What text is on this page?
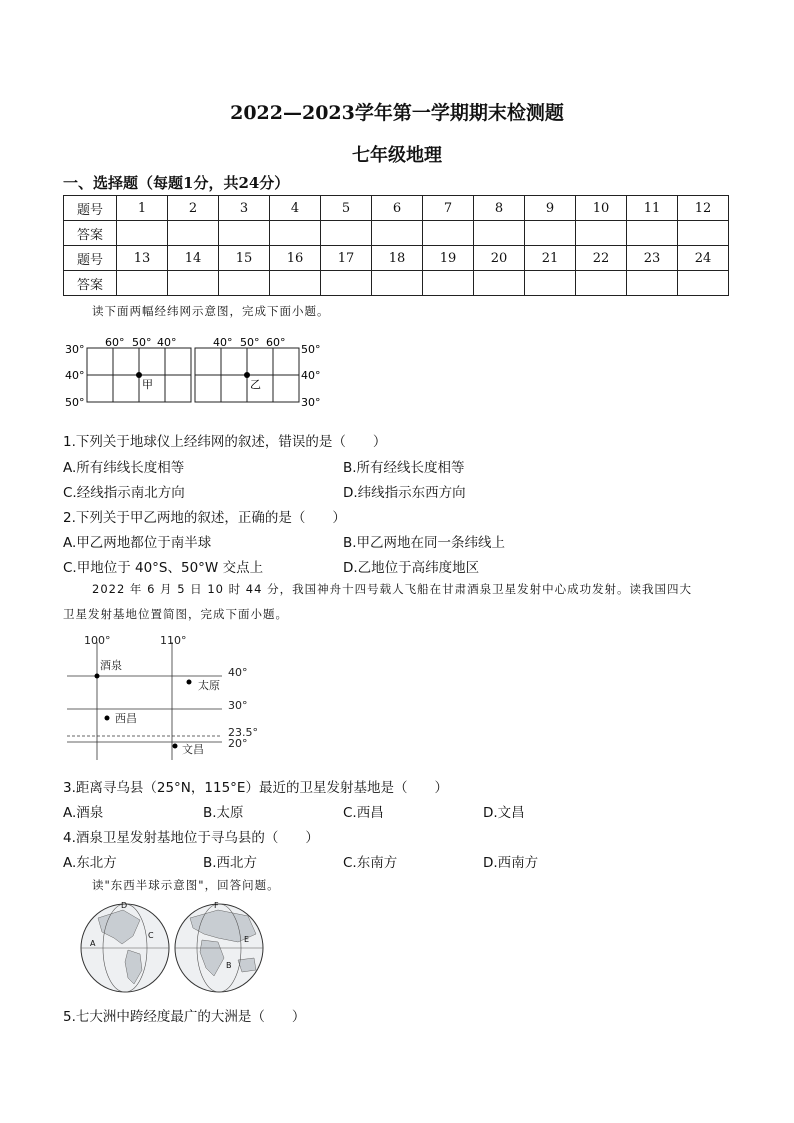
2022—2023学年第一学期期末检测题
七年级地理
一、选择题（每题1分，共24分）
题号	1	2	3	4	5	6	7	8	9	10	11	12
答案												
题号	13	14	15	16	17	18	19	20	21	22	23	24
答案												
读下面两幅经纬网示意图，完成下面小题。
60° 50° 40°
30°
40°
50°
甲
40° 50° 60°
50°
40°
30°
乙
1.下列关于地球仪上经纬网的叙述，错误的是（　　）
A.所有纬线长度相等	B.所有经线长度相等
C.经线指示南北方向	D.纬线指示东西方向
2.下列关于甲乙两地的叙述，正确的是（　　）
A.甲乙两地都位于南半球	B.甲乙两地在同一条纬线上
C.甲地位于 40°S、50°W 交点上	D.乙地位于高纬度地区
2022 年 6 月 5 日 10 时 44 分，我国神舟十四号载人飞船在甘肃酒泉卫星发射中心成功发射。读我国四大
卫星发射基地位置简图，完成下面小题。
100°	110°
40°
30°
23.5°
20°
酒泉
太原
西昌
文昌
3.距离寻乌县（25°N，115°E）最近的卫星发射基地是（　　）
A.酒泉	B.太原	C.西昌	D.文昌
4.酒泉卫星发射基地位于寻乌县的（　　）
A.东北方	B.西北方	C.东南方	D.西南方
读"东西半球示意图"，回答问题。
A
B
C
D
E
F
5.七大洲中跨经度最广的大洲是（　　）
